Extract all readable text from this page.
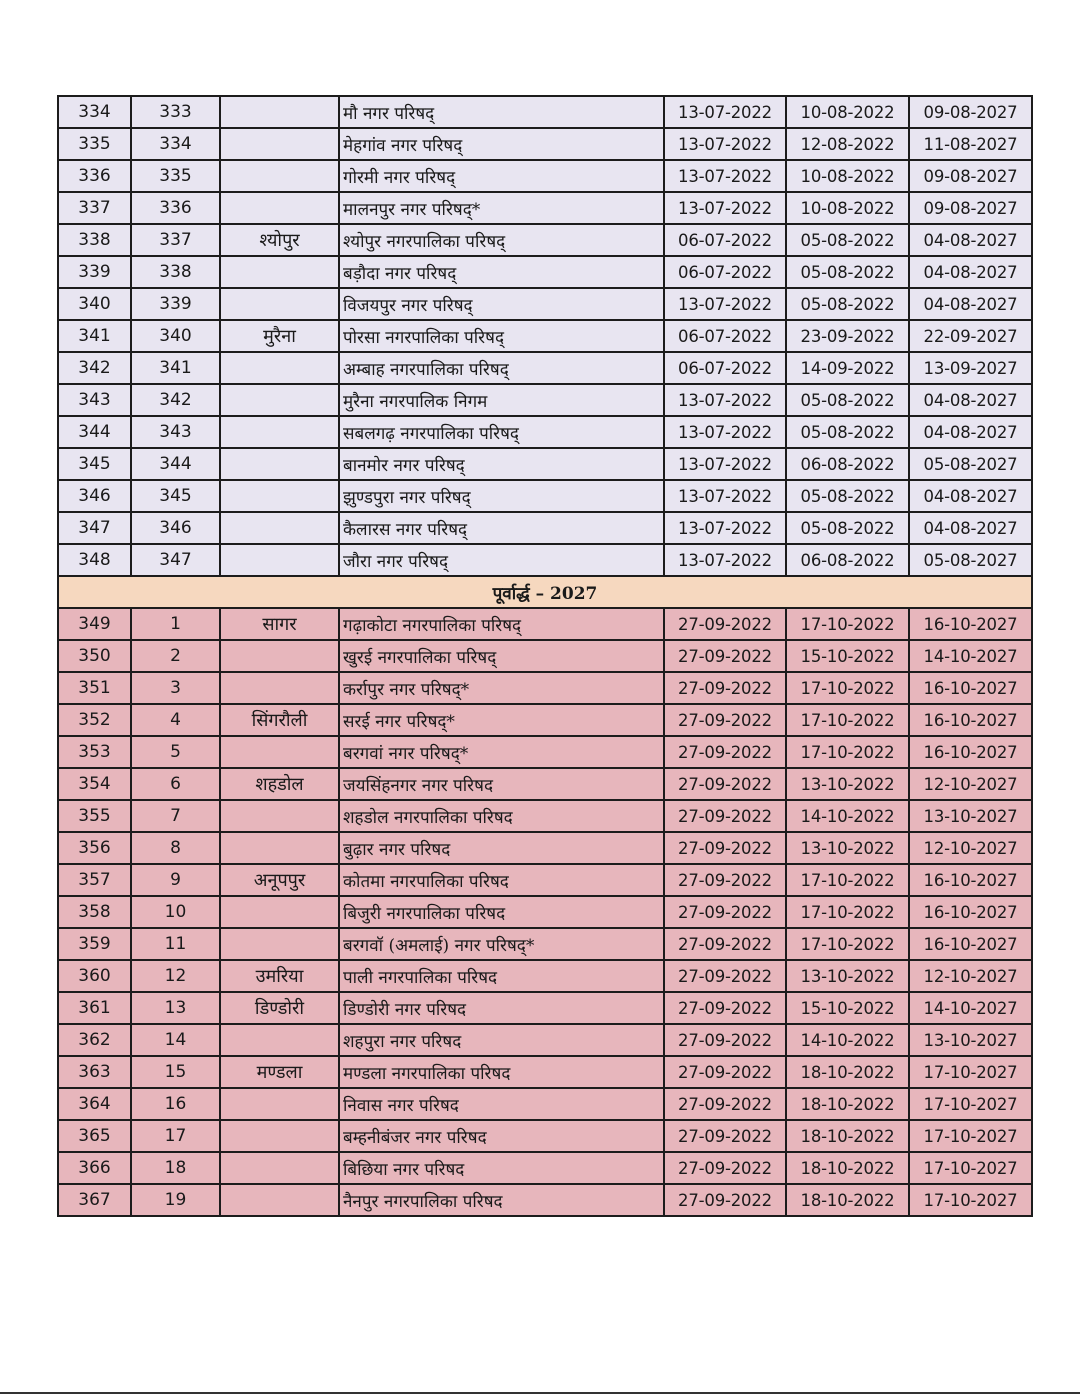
334	333		मौ नगर परिषद्	13-07-2022	10-08-2022	09-08-2027
335	334		मेहगांव नगर परिषद्	13-07-2022	12-08-2022	11-08-2027
336	335		गोरमी नगर परिषद्	13-07-2022	10-08-2022	09-08-2027
337	336		मालनपुर नगर परिषद्*	13-07-2022	10-08-2022	09-08-2027
338	337	श्योपुर	श्योपुर नगरपालिका परिषद्	06-07-2022	05-08-2022	04-08-2027
339	338		बड़ौदा नगर परिषद्	06-07-2022	05-08-2022	04-08-2027
340	339		विजयपुर नगर परिषद्	13-07-2022	05-08-2022	04-08-2027
341	340	मुरैना	पोरसा नगरपालिका परिषद्	06-07-2022	23-09-2022	22-09-2027
342	341		अम्बाह नगरपालिका परिषद्	06-07-2022	14-09-2022	13-09-2027
343	342		मुरैना नगरपालिक निगम	13-07-2022	05-08-2022	04-08-2027
344	343		सबलगढ़ नगरपालिका परिषद्	13-07-2022	05-08-2022	04-08-2027
345	344		बानमोर नगर परिषद्	13-07-2022	06-08-2022	05-08-2027
346	345		झुण्डपुरा नगर परिषद्	13-07-2022	05-08-2022	04-08-2027
347	346		कैलारस नगर परिषद्	13-07-2022	05-08-2022	04-08-2027
348	347		जौरा नगर परिषद्	13-07-2022	06-08-2022	05-08-2027
पूर्वार्द्ध – 2027						
349	1	सागर	गढ़ाकोटा नगरपालिका परिषद्	27-09-2022	17-10-2022	16-10-2027
350	2		खुरई नगरपालिका परिषद्	27-09-2022	15-10-2022	14-10-2027
351	3		कर्रापुर नगर परिषद्*	27-09-2022	17-10-2022	16-10-2027
352	4	सिंगरौली	सरई नगर परिषद्*	27-09-2022	17-10-2022	16-10-2027
353	5		बरगवां नगर परिषद्*	27-09-2022	17-10-2022	16-10-2027
354	6	शहडोल	जयसिंहनगर नगर परिषद	27-09-2022	13-10-2022	12-10-2027
355	7		शहडोल नगरपालिका परिषद	27-09-2022	14-10-2022	13-10-2027
356	8		बुढ़ार नगर परिषद	27-09-2022	13-10-2022	12-10-2027
357	9	अनूपपुर	कोतमा नगरपालिका परिषद	27-09-2022	17-10-2022	16-10-2027
358	10		बिजुरी नगरपालिका परिषद	27-09-2022	17-10-2022	16-10-2027
359	11		बरगवॉ (अमलाई) नगर परिषद्*	27-09-2022	17-10-2022	16-10-2027
360	12	उमरिया	पाली नगरपालिका परिषद	27-09-2022	13-10-2022	12-10-2027
361	13	डिण्डोरी	डिण्डोरी नगर परिषद	27-09-2022	15-10-2022	14-10-2027
362	14		शहपुरा नगर परिषद	27-09-2022	14-10-2022	13-10-2027
363	15	मण्डला	मण्डला नगरपालिका परिषद	27-09-2022	18-10-2022	17-10-2027
364	16		निवास नगर परिषद	27-09-2022	18-10-2022	17-10-2027
365	17		बम्हनीबंजर नगर परिषद	27-09-2022	18-10-2022	17-10-2027
366	18		बिछिया नगर परिषद	27-09-2022	18-10-2022	17-10-2027
367	19		नैनपुर नगरपालिका परिषद	27-09-2022	18-10-2022	17-10-2027
